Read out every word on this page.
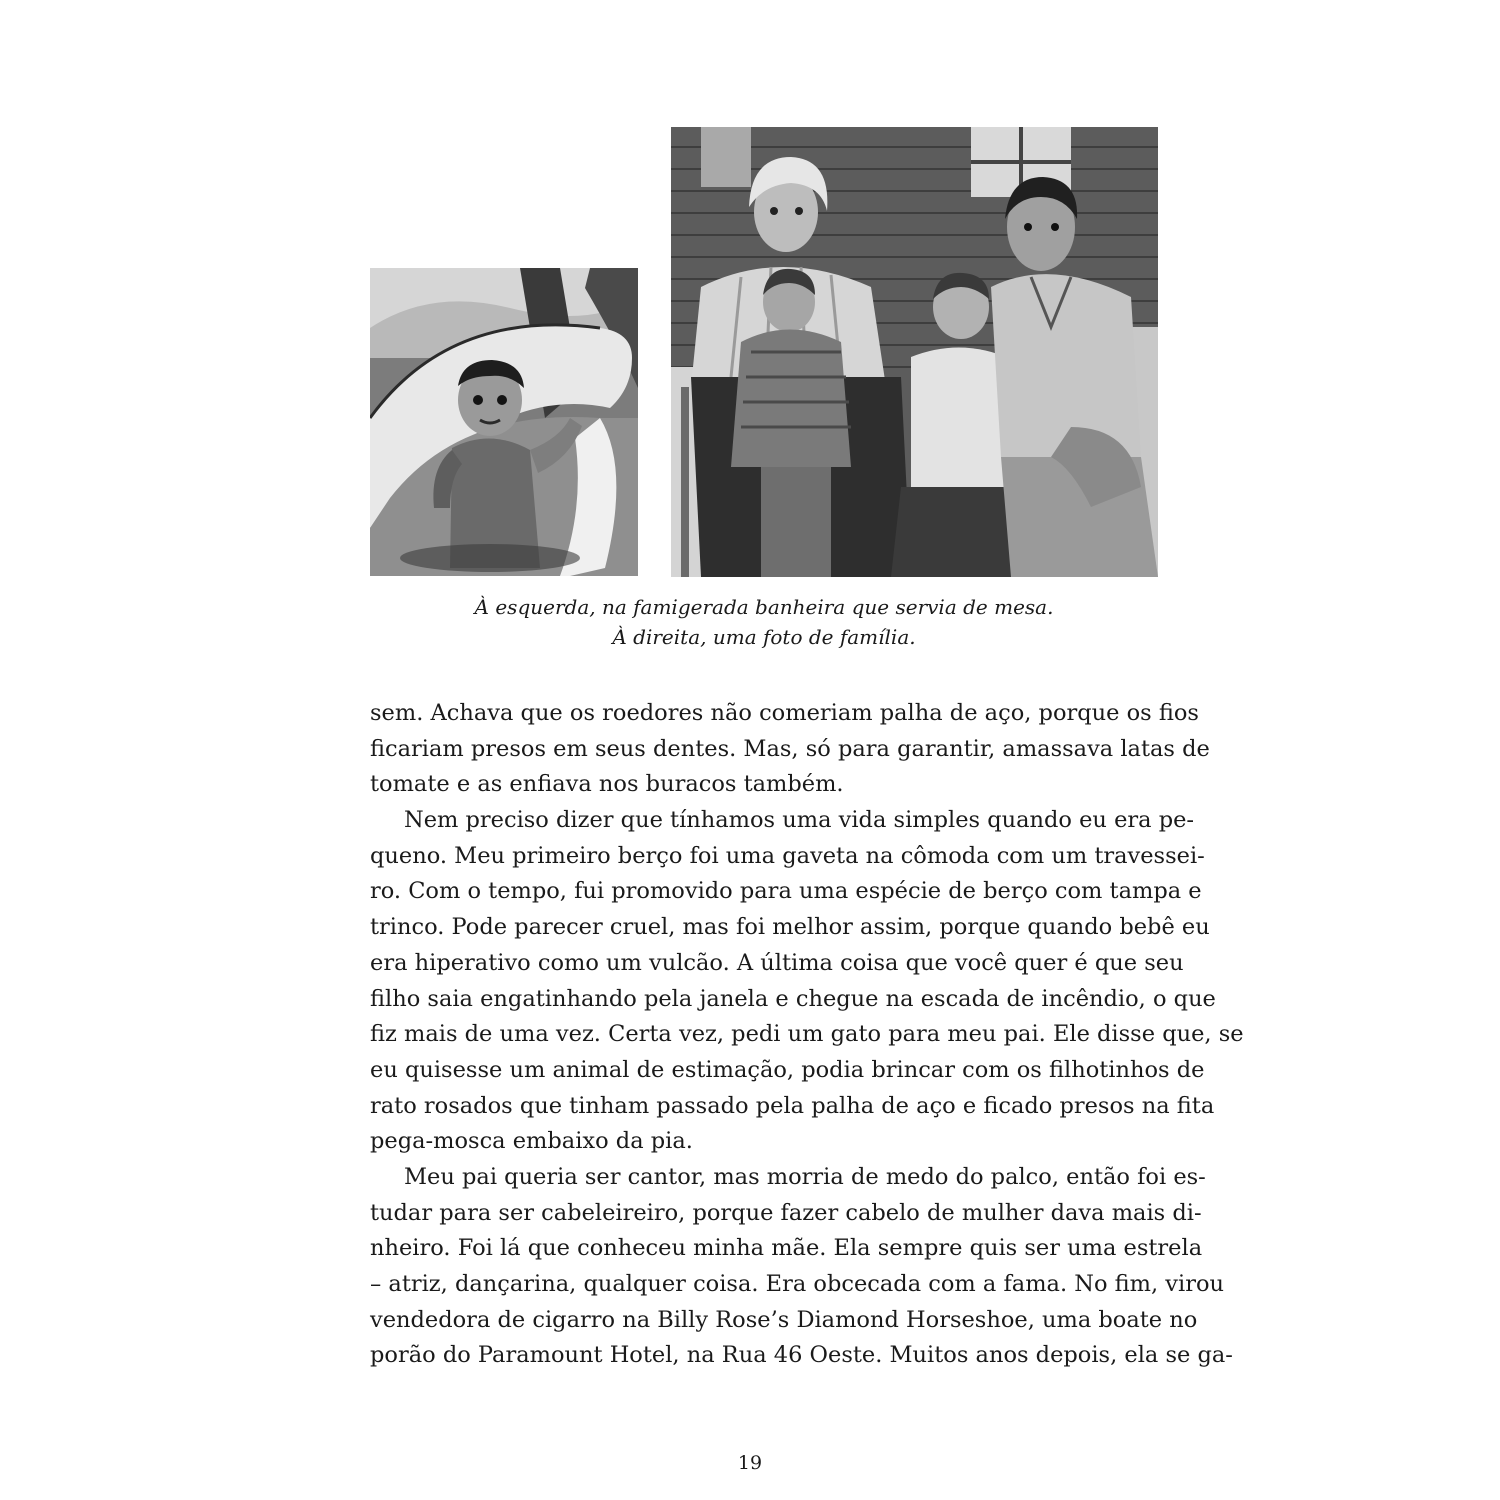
À esquerda, na famigerada banheira que servia de mesa.
À direita, uma foto de família.
sem. Achava que os roedores não comeriam palha de aço, porque os fios
ficariam presos em seus dentes. Mas, só para garantir, amassava latas de
tomate e as enfiava nos buracos também.
Nem preciso dizer que tínhamos uma vida simples quando eu era pe-
queno. Meu primeiro berço foi uma gaveta na cômoda com um travessei-
ro. Com o tempo, fui promovido para uma espécie de berço com tampa e
trinco. Pode parecer cruel, mas foi melhor assim, porque quando bebê eu
era hiperativo como um vulcão. A última coisa que você quer é que seu
filho saia engatinhando pela janela e chegue na escada de incêndio, o que
fiz mais de uma vez. Certa vez, pedi um gato para meu pai. Ele disse que, se
eu quisesse um animal de estimação, podia brincar com os filhotinhos de
rato rosados que tinham passado pela palha de aço e ficado presos na fita
pega-mosca embaixo da pia.
Meu pai queria ser cantor, mas morria de medo do palco, então foi es-
tudar para ser cabeleireiro, porque fazer cabelo de mulher dava mais di-
nheiro. Foi lá que conheceu minha mãe. Ela sempre quis ser uma estrela
– atriz, dançarina, qualquer coisa. Era obcecada com a fama. No fim, virou
vendedora de cigarro na Billy Rose’s Diamond Horseshoe, uma boate no
porão do Paramount Hotel, na Rua 46 Oeste. Muitos anos depois, ela se ga-
19
